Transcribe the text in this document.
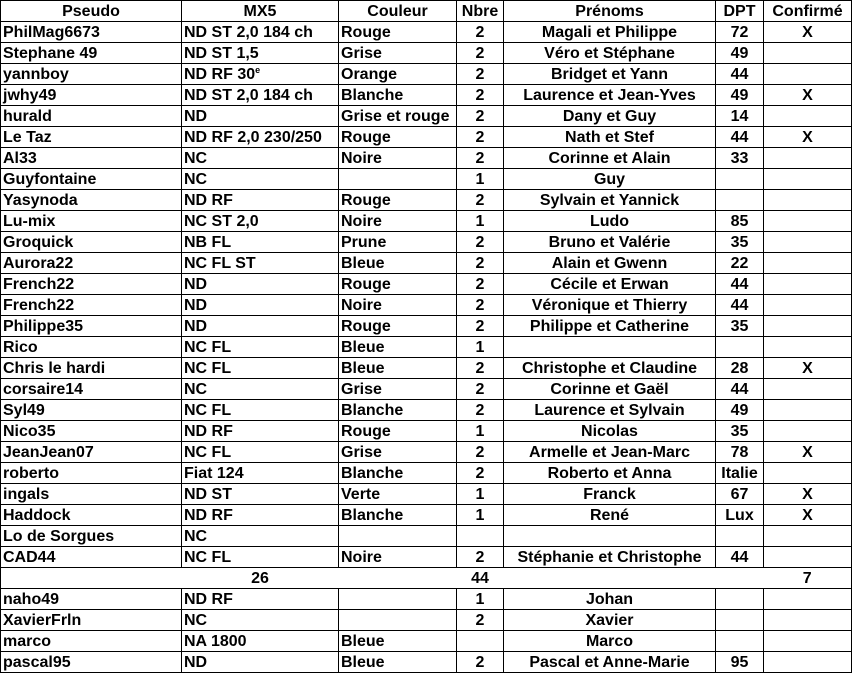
Pseudo	MX5	Couleur	Nbre	Prénoms	DPT	Confirmé
PhilMag6673	ND ST 2,0 184 ch	Rouge	2	Magali et Philippe	72	X
Stephane 49	ND ST 1,5	Grise	2	Véro et Stéphane	49	
yannboy	ND RF 30e	Orange	2	Bridget et Yann	44	
jwhy49	ND ST 2,0 184 ch	Blanche	2	Laurence et Jean-Yves	49	X
hurald	ND	Grise et rouge	2	Dany et Guy	14	
Le Taz	ND RF 2,0 230/250	Rouge	2	Nath et Stef	44	X
Al33	NC	Noire	2	Corinne et Alain	33	
Guyfontaine	NC		1	Guy		
Yasynoda	ND RF	Rouge	2	Sylvain et Yannick		
Lu-mix	NC ST 2,0	Noire	1	Ludo	85	
Groquick	NB FL	Prune	2	Bruno et Valérie	35	
Aurora22	NC FL ST	Bleue	2	Alain et Gwenn	22	
French22	ND	Rouge	2	Cécile et Erwan	44	
French22	ND	Noire	2	Véronique et Thierry	44	
Philippe35	ND	Rouge	2	Philippe et Catherine	35	
Rico	NC FL	Bleue	1			
Chris le hardi	NC FL	Bleue	2	Christophe et Claudine	28	X
corsaire14	NC	Grise	2	Corinne et Gaël	44	
Syl49	NC FL	Blanche	2	Laurence et Sylvain	49	
Nico35	ND RF	Rouge	1	Nicolas	35	
JeanJean07	NC FL	Grise	2	Armelle et Jean-Marc	78	X
roberto	Fiat 124	Blanche	2	Roberto et Anna	Italie	
ingals	ND ST	Verte	1	Franck	67	X
Haddock	ND RF	Blanche	1	René	Lux	X
Lo de Sorgues	NC					
CAD44	NC FL	Noire	2	Stéphanie et Christophe	44	
	26		44			7
naho49	ND RF		1	Johan		
XavierFrln	NC		2	Xavier		
marco	NA 1800	Bleue		Marco		
pascal95	ND	Bleue	2	Pascal et Anne-Marie	95	
